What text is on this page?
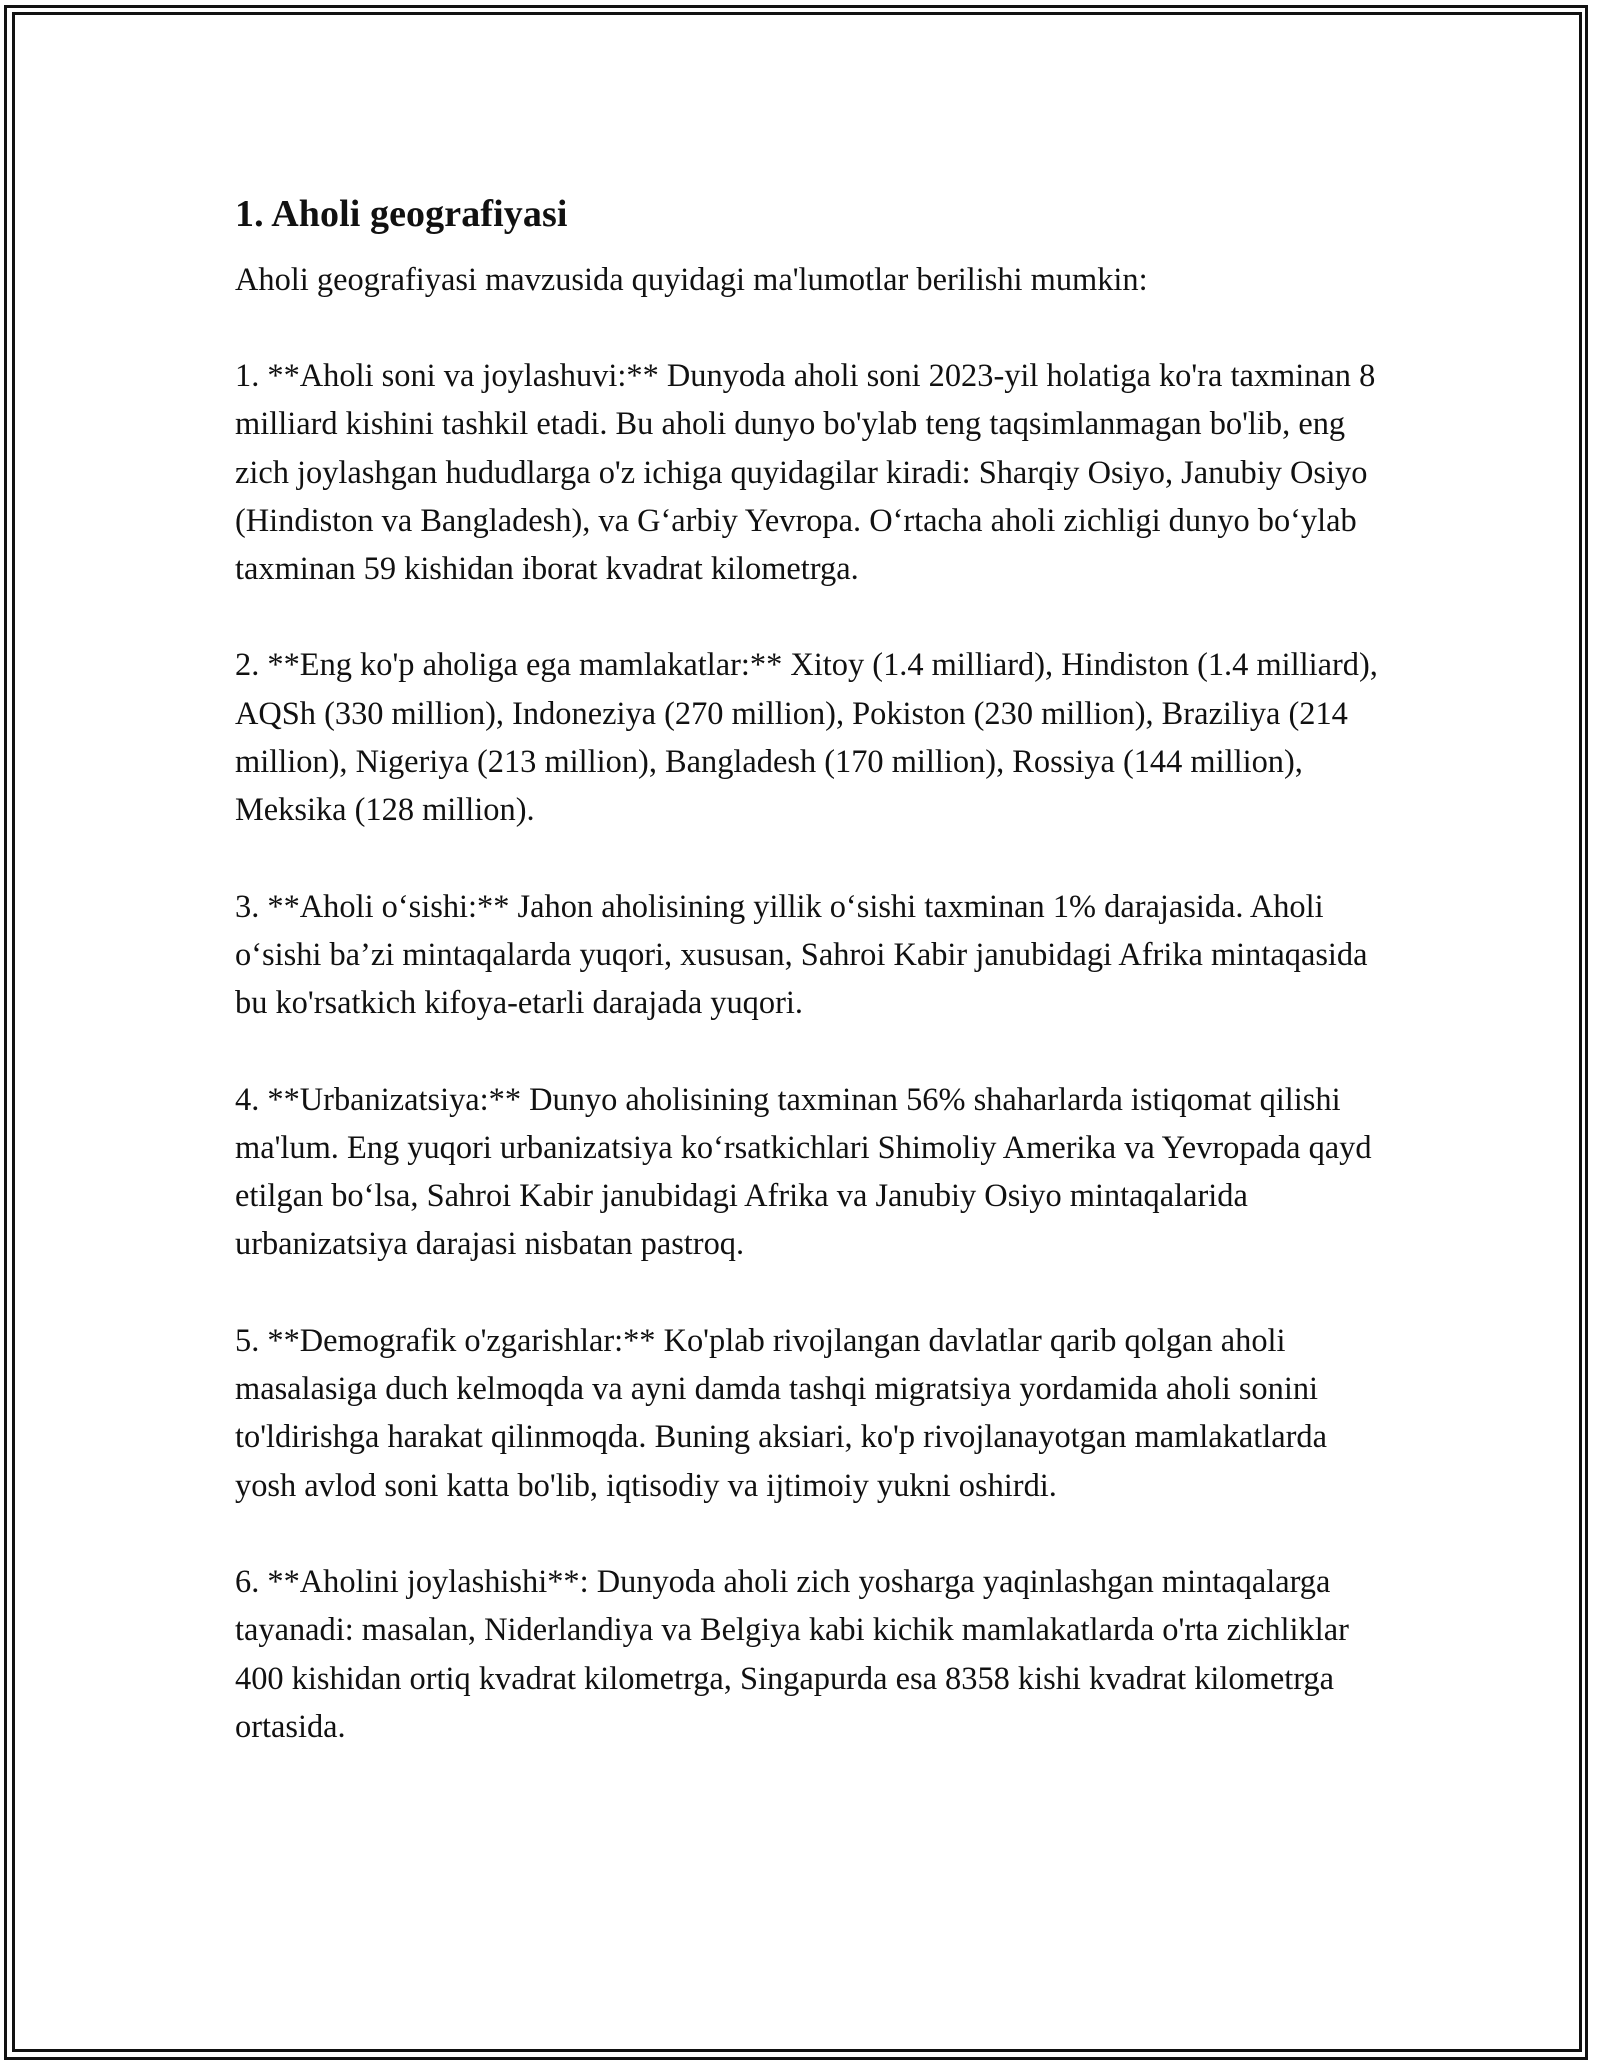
1. Aholi geografiyasi

Aholi geografiyasi mavzusida quyidagi ma'lumotlar berilishi mumkin:

1. **Aholi soni va joylashuvi:** Dunyoda aholi soni 2023-yil holatiga ko'ra taxminan 8 milliard kishini tashkil etadi. Bu aholi dunyo bo'ylab teng taqsimlanmagan bo'lib, eng zich joylashgan hududlarga o'z ichiga quyidagilar kiradi: Sharqiy Osiyo, Janubiy Osiyo (Hindiston va Bangladesh), va G‘arbiy Yevropa. O‘rtacha aholi zichligi dunyo bo‘ylab taxminan 59 kishidan iborat kvadrat kilometrga.

2. **Eng ko'p aholiga ega mamlakatlar:** Xitoy (1.4 milliard), Hindiston (1.4 milliard), AQSh (330 million), Indoneziya (270 million), Pokiston (230 million), Braziliya (214 million), Nigeriya (213 million), Bangladesh (170 million), Rossiya (144 million), Meksika (128 million).

3. **Aholi o‘sishi:** Jahon aholisining yillik o‘sishi taxminan 1% darajasida. Aholi o‘sishi ba’zi mintaqalarda yuqori, xususan, Sahroi Kabir janubidagi Afrika mintaqasida bu ko'rsatkich kifoya-etarli darajada yuqori.

4. **Urbanizatsiya:** Dunyo aholisining taxminan 56% shaharlarda istiqomat qilishi ma'lum. Eng yuqori urbanizatsiya ko‘rsatkichlari Shimoliy Amerika va Yevropada qayd etilgan bo‘lsa, Sahroi Kabir janubidagi Afrika va Janubiy Osiyo mintaqalarida urbanizatsiya darajasi nisbatan pastroq.

5. **Demografik o'zgarishlar:** Ko'plab rivojlangan davlatlar qarib qolgan aholi masalasiga duch kelmoqda va ayni damda tashqi migratsiya yordamida aholi sonini to'ldirishga harakat qilinmoqda. Buning aksiari, ko'p rivojlanayotgan mamlakatlarda yosh avlod soni katta bo'lib, iqtisodiy va ijtimoiy yukni oshirdi.

6. **Aholini joylashishi**: Dunyoda aholi zich yosharga yaqinlashgan mintaqalarga tayanadi: masalan, Niderlandiya va Belgiya kabi kichik mamlakatlarda o'rta zichliklar 400 kishidan ortiq kvadrat kilometrga, Singapurda esa 8358 kishi kvadrat kilometrga ortasida.
